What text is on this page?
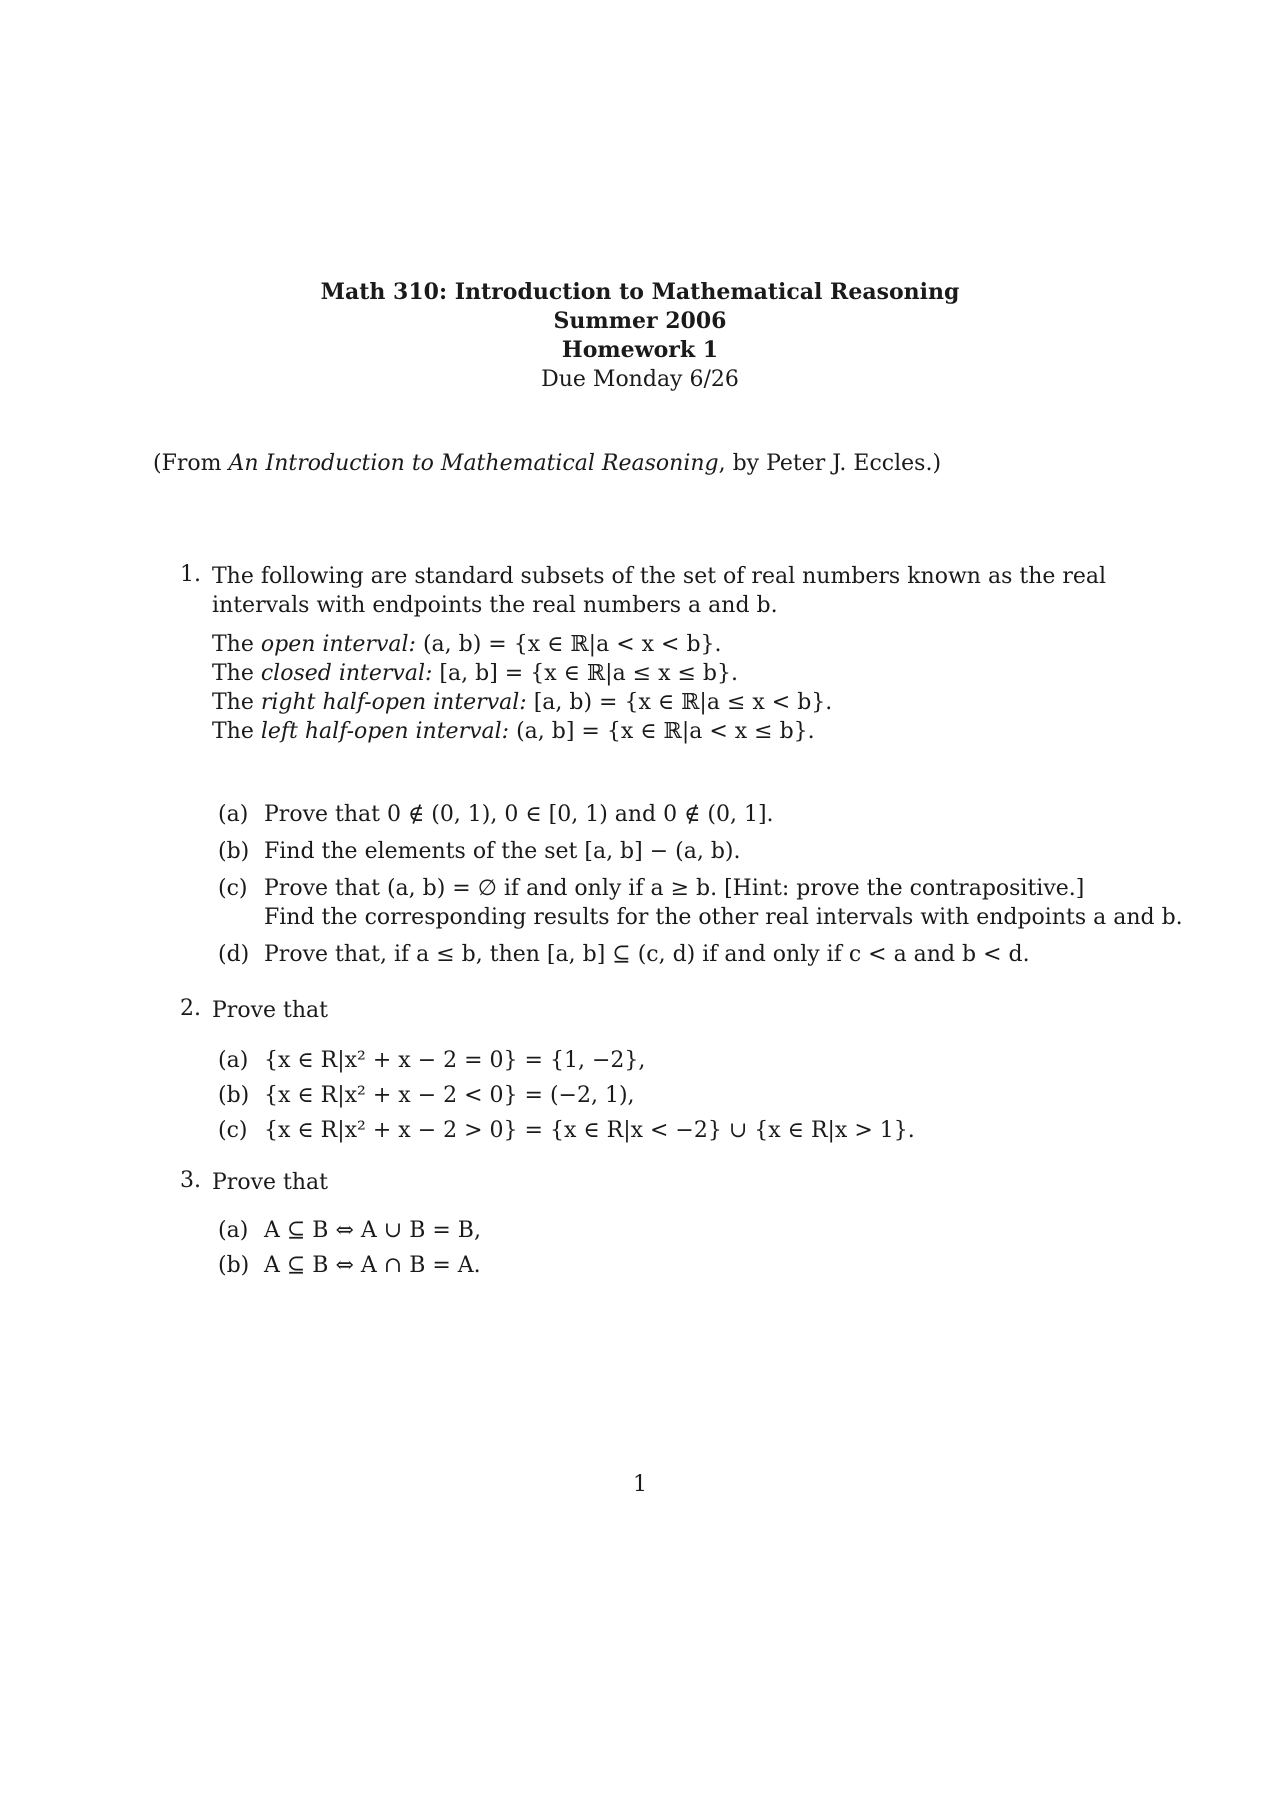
Math 310: Introduction to Mathematical Reasoning
Summer 2006
Homework 1
Due Monday 6/26
(From An Introduction to Mathematical Reasoning, by Peter J. Eccles.)
1. The following are standard subsets of the set of real numbers known as the real intervals with endpoints the real numbers a and b.
The open interval: (a, b) = {x ∈ ℝ|a < x < b}.
The closed interval: [a, b] = {x ∈ ℝ|a ≤ x ≤ b}.
The right half-open interval: [a, b) = {x ∈ ℝ|a ≤ x < b}.
The left half-open interval: (a, b] = {x ∈ ℝ|a < x ≤ b}.
(a) Prove that 0 ∉ (0, 1), 0 ∈ [0, 1) and 0 ∉ (0, 1].
(b) Find the elements of the set [a, b] − (a, b).
(c) Prove that (a, b) = ∅ if and only if a ≥ b. [Hint: prove the contrapositive.]
Find the corresponding results for the other real intervals with endpoints a and b.
(d) Prove that, if a ≤ b, then [a, b] ⊆ (c, d) if and only if c < a and b < d.
2. Prove that
(a) {x ∈ R|x² + x − 2 = 0} = {1, −2},
(b) {x ∈ R|x² + x − 2 < 0} = (−2, 1),
(c) {x ∈ R|x² + x − 2 > 0} = {x ∈ R|x < −2} ∪ {x ∈ R|x > 1}.
3. Prove that
(a) A ⊆ B ⇔ A ∪ B = B,
(b) A ⊆ B ⇔ A ∩ B = A.
1
